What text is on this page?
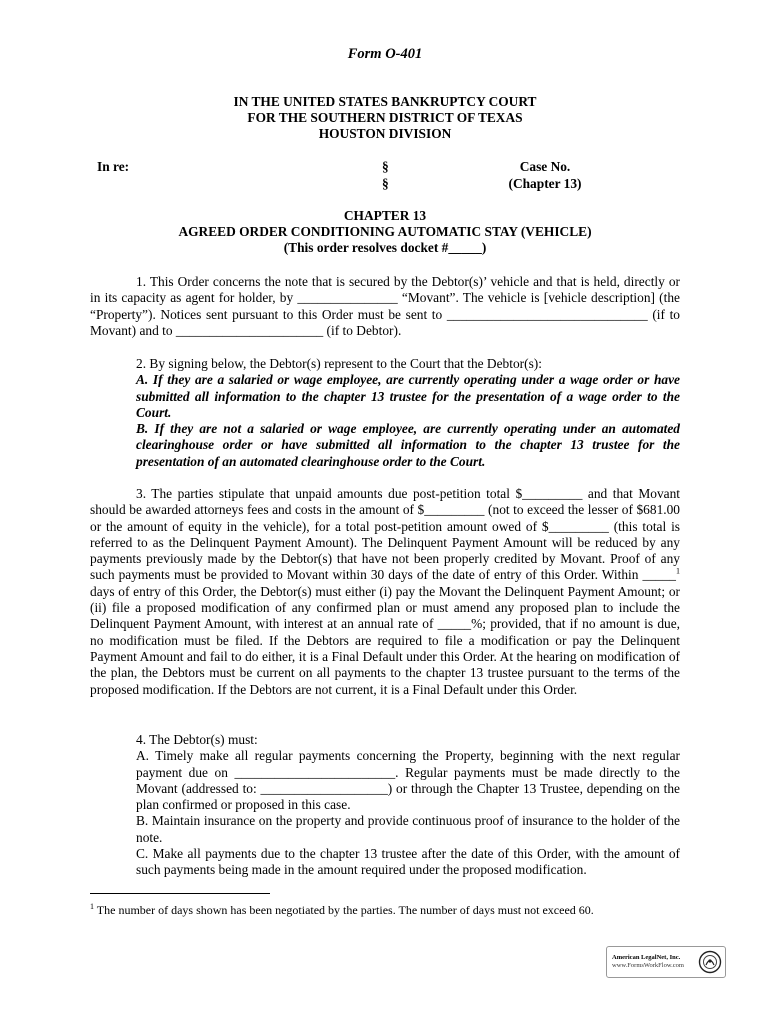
Form O-401
IN THE UNITED STATES BANKRUPTCY COURT
FOR THE SOUTHERN DISTRICT OF TEXAS
HOUSTON DIVISION
In re:	§
§
Case No.
(Chapter 13)
CHAPTER 13
AGREED ORDER CONDITIONING AUTOMATIC STAY (VEHICLE)
(This order resolves docket #_____)
1. This Order concerns the note that is secured by the Debtor(s)’ vehicle and that is held, directly or in its capacity as agent for holder, by _______________ “Movant”. The vehicle is [vehicle description] (the “Property”). Notices sent pursuant to this Order must be sent to ______________________________ (if to Movant) and to ______________________ (if to Debtor).
2. By signing below, the Debtor(s) represent to the Court that the Debtor(s):
A. If they are a salaried or wage employee, are currently operating under a wage order or have submitted all information to the chapter 13 trustee for the presentation of a wage order to the Court.
B. If they are not a salaried or wage employee, are currently operating under an automated clearinghouse order or have submitted all information to the chapter 13 trustee for the presentation of an automated clearinghouse order to the Court.
3. The parties stipulate that unpaid amounts due post-petition total $_________ and that Movant should be awarded attorneys fees and costs in the amount of $_________ (not to exceed the lesser of $681.00 or the amount of equity in the vehicle), for a total post-petition amount owed of $_________ (this total is referred to as the Delinquent Payment Amount). The Delinquent Payment Amount will be reduced by any payments previously made by the Debtor(s) that have not been properly credited by Movant. Proof of any such payments must be provided to Movant within 30 days of the date of entry of this Order. Within _____$^1$ days of entry of this Order, the Debtor(s) must either (i) pay the Movant the Delinquent Payment Amount; or (ii) file a proposed modification of any confirmed plan or must amend any proposed plan to include the Delinquent Payment Amount, with interest at an annual rate of _____%; provided, that if no amount is due, no modification must be filed. If the Debtors are required to file a modification or pay the Delinquent Payment Amount and fail to do either, it is a Final Default under this Order. At the hearing on modification of the plan, the Debtors must be current on all payments to the chapter 13 trustee pursuant to the terms of the proposed modification. If the Debtors are not current, it is a Final Default under this Order.
4. The Debtor(s) must:
A. Timely make all regular payments concerning the Property, beginning with the next regular payment due on ________________________. Regular payments must be made directly to the Movant (addressed to: ___________________) or through the Chapter 13 Trustee, depending on the plan confirmed or proposed in this case.
B. Maintain insurance on the property and provide continuous proof of insurance to the holder of the note.
C. Make all payments due to the chapter 13 trustee after the date of this Order, with the amount of such payments being made in the amount required under the proposed modification.
$^1$ The number of days shown has been negotiated by the parties. The number of days must not exceed 60.
American LegalNet, Inc.
www.FormsWorkFlow.com
